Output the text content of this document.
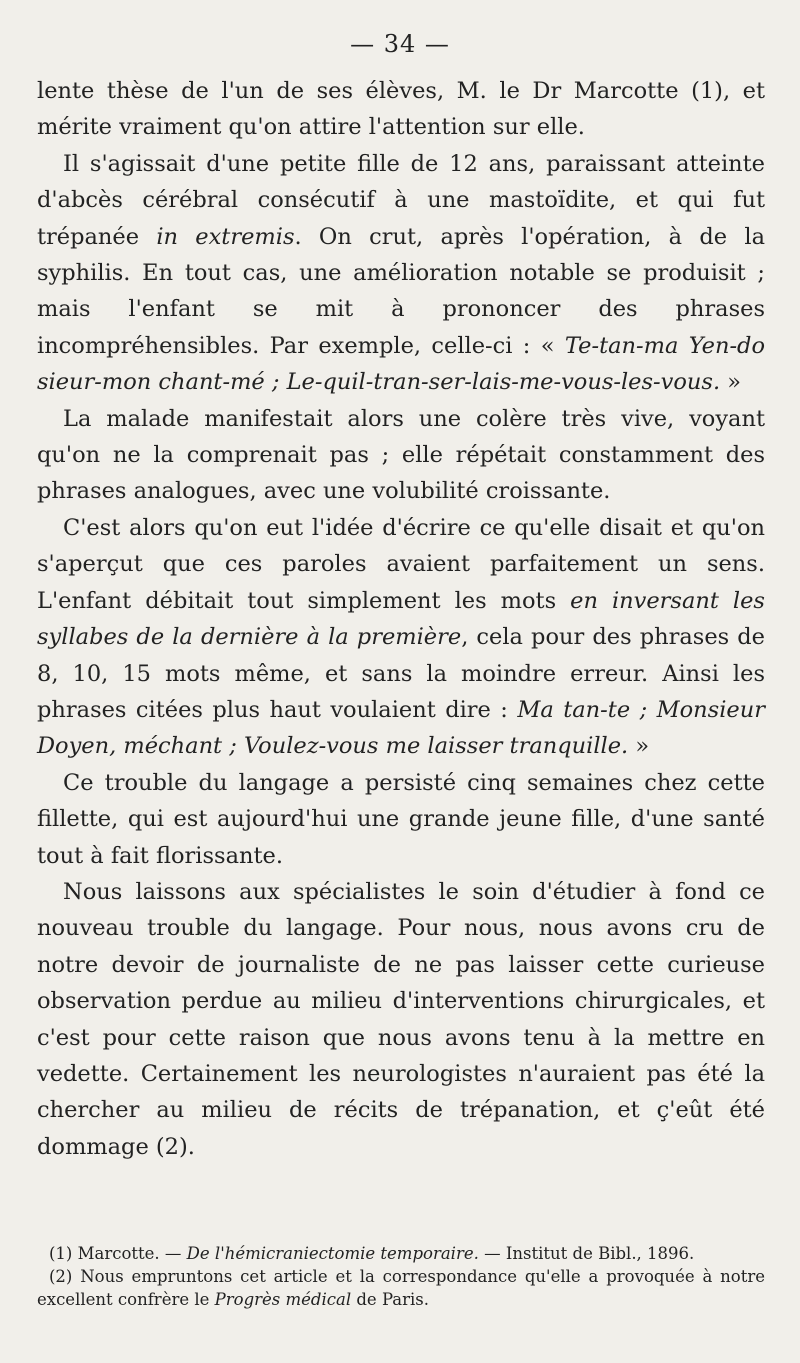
— 34 —

lente thèse de l'un de ses élèves, M. le Dr Marcotte (1), et mérite vraiment qu'on attire l'attention sur elle.

Il s'agissait d'une petite fille de 12 ans, paraissant atteinte d'abcès cérébral consécutif à une mastoïdite, et qui fut trépanée in extremis. On crut, après l'opération, à de la syphilis. En tout cas, une amélioration notable se produisit ; mais l'enfant se mit à prononcer des phrases incompréhensibles. Par exemple, celle-ci : « Te-tan-ma Yen-do sieur-mon chant-mé ; Le-quil-tran-ser-lais-me-vous-les-vous. »

La malade manifestait alors une colère très vive, voyant qu'on ne la comprenait pas ; elle répétait constamment des phrases analogues, avec une volubilité croissante.

C'est alors qu'on eut l'idée d'écrire ce qu'elle disait et qu'on s'aperçut que ces paroles avaient parfaitement un sens. L'enfant débitait tout simplement les mots en inversant les syllabes de la dernière à la première, cela pour des phrases de 8, 10, 15 mots même, et sans la moindre erreur. Ainsi les phrases citées plus haut voulaient dire : Ma tan-te ; Monsieur Doyen, méchant ; Voulez-vous me laisser tranquille. »

Ce trouble du langage a persisté cinq semaines chez cette fillette, qui est aujourd'hui une grande jeune fille, d'une santé tout à fait florissante.

Nous laissons aux spécialistes le soin d'étudier à fond ce nouveau trouble du langage. Pour nous, nous avons cru de notre devoir de journaliste de ne pas laisser cette curieuse observation perdue au milieu d'interventions chirurgicales, et c'est pour cette raison que nous avons tenu à la mettre en vedette. Certainement les neurologistes n'auraient pas été la chercher au milieu de récits de trépanation, et ç'eût été dommage (2).

(1) Marcotte. — De l'hémicraniectomie temporaire. — Institut de Bibl., 1896.

(2) Nous empruntons cet article et la correspondance qu'elle a provoquée à notre excellent confrère le Progrès médical de Paris.
